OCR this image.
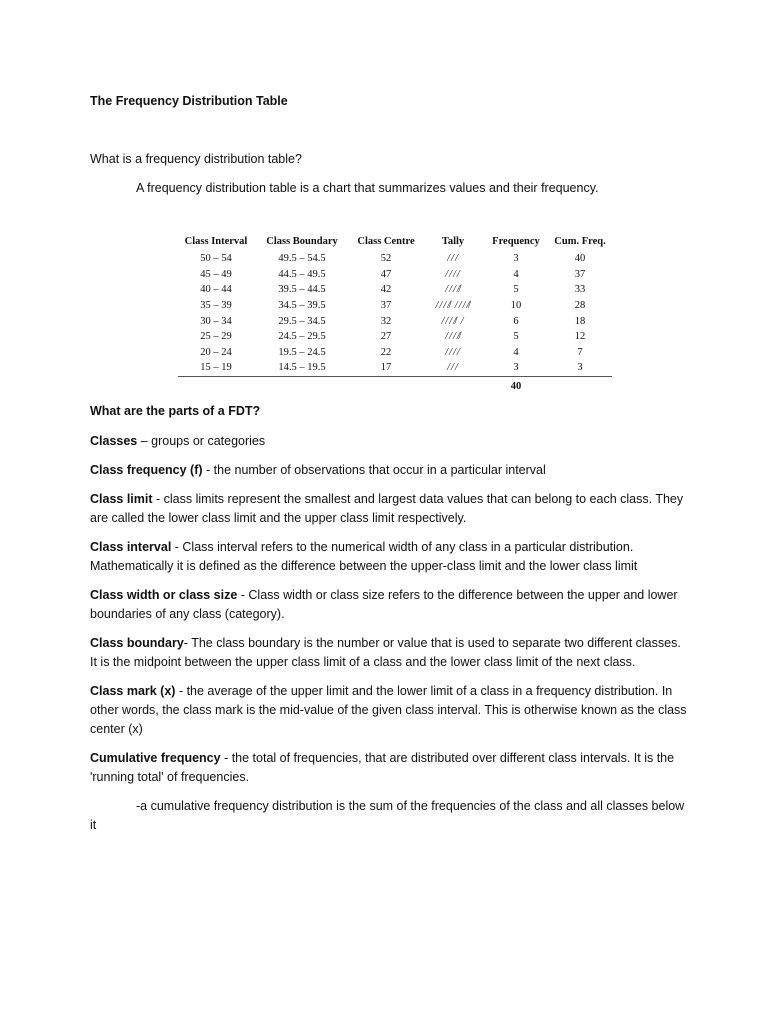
The Frequency Distribution Table
What is a frequency distribution table?
A frequency distribution table is a chart that summarizes values and their frequency.
Class Interval	Class Boundary	Class Centre	Tally	Frequency	Cum. Freq.
50 – 54	49.5 – 54.5	52	///	3	40
45 – 49	44.5 – 49.5	47	////	4	37
40 – 44	39.5 – 44.5	42	////̸	5	33
35 – 39	34.5 – 39.5	37	////̸ ////̸	10	28
30 – 34	29.5 – 34.5	32	////̸ /	6	18
25 – 29	24.5 – 29.5	27	////̸	5	12
20 – 24	19.5 – 24.5	22	////	4	7
15 – 19	14.5 – 19.5	17	///	3	3
				40	
What are the parts of a FDT?

Classes – groups or categories

Class frequency (f) - the number of observations that occur in a particular interval

Class limit - class limits represent the smallest and largest data values that can belong to each class. They are called the lower class limit and the upper class limit respectively.

Class interval - Class interval refers to the numerical width of any class in a particular distribution. Mathematically it is defined as the difference between the upper-class limit and the lower class limit

Class width or class size - Class width or class size refers to the difference between the upper and lower boundaries of any class (category).

Class boundary- The class boundary is the number or value that is used to separate two different classes. It is the midpoint between the upper class limit of a class and the lower class limit of the next class.

Class mark (x) - the average of the upper limit and the lower limit of a class in a frequency distribution. In other words, the class mark is the mid-value of the given class interval. This is otherwise known as the class center (x)

Cumulative frequency - the total of frequencies, that are distributed over different class intervals. It is the 'running total' of frequencies.

-a cumulative frequency distribution is the sum of the frequencies of the class and all classes below it
